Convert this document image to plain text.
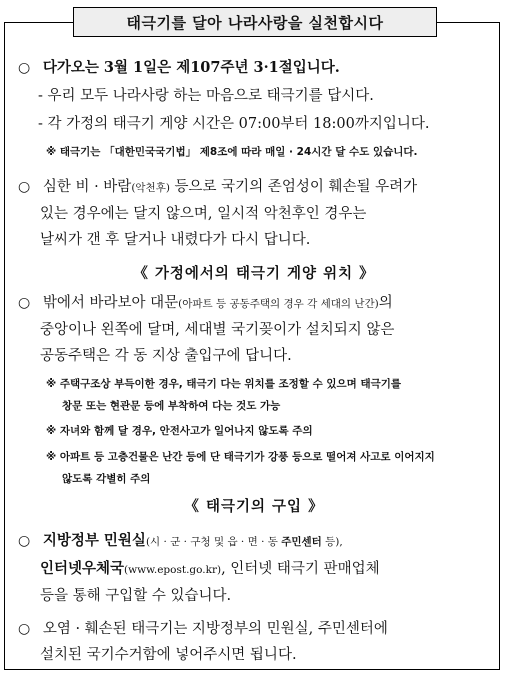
태극기를 달아 나라사랑을 실천합시다
○ 다가오는 3월 1일은 제107주년 3·1절입니다.
- 우리 모두 나라사랑 하는 마음으로 태극기를 답시다.
- 각 가정의 태극기 게양 시간은 07:00부터 18:00까지입니다.
※ 태극기는 「대한민국국기법」 제8조에 따라 매일 · 24시간 달 수도 있습니다.
○ 심한 비 · 바람(악천후) 등으로 국기의 존엄성이 훼손될 우려가
있는 경우에는 달지 않으며, 일시적 악천후인 경우는
날씨가 갠 후 달거나 내렸다가 다시 답니다.
《 가정에서의 태극기 게양 위치 》
○ 밖에서 바라보아 대문(아파트 등 공동주택의 경우 각 세대의 난간)의
중앙이나 왼쪽에 달며, 세대별 국기꽂이가 설치되지 않은
공동주택은 각 동 지상 출입구에 답니다.
※ 주택구조상 부득이한 경우, 태극기 다는 위치를 조정할 수 있으며 태극기를
창문 또는 현관문 등에 부착하여 다는 것도 가능
※ 자녀와 함께 달 경우, 안전사고가 일어나지 않도록 주의
※ 아파트 등 고층건물은 난간 등에 단 태극기가 강풍 등으로 떨어져 사고로 이어지지
않도록 각별히 주의
《 태극기의 구입 》
○ 지방정부 민원실(시 · 군 · 구청 및 읍 · 면 · 동 주민센터 등),
인터넷우체국(www.epost.go.kr), 인터넷 태극기 판매업체
등을 통해 구입할 수 있습니다.
○ 오염 · 훼손된 태극기는 지방정부의 민원실, 주민센터에
설치된 국기수거함에 넣어주시면 됩니다.
